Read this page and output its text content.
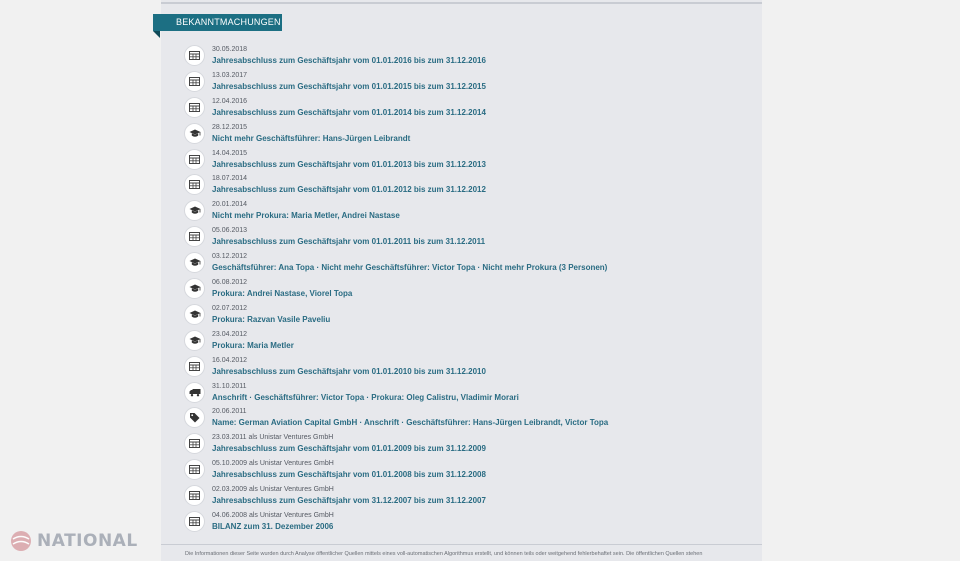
BEKANNTMACHUNGEN
30.05.2018
Jahresabschluss zum Geschäftsjahr vom 01.01.2016 bis zum 31.12.2016
13.03.2017
Jahresabschluss zum Geschäftsjahr vom 01.01.2015 bis zum 31.12.2015
12.04.2016
Jahresabschluss zum Geschäftsjahr vom 01.01.2014 bis zum 31.12.2014
28.12.2015
Nicht mehr Geschäftsführer: Hans-Jürgen Leibrandt
14.04.2015
Jahresabschluss zum Geschäftsjahr vom 01.01.2013 bis zum 31.12.2013
18.07.2014
Jahresabschluss zum Geschäftsjahr vom 01.01.2012 bis zum 31.12.2012
20.01.2014
Nicht mehr Prokura: Maria Metler, Andrei Nastase
05.06.2013
Jahresabschluss zum Geschäftsjahr vom 01.01.2011 bis zum 31.12.2011
03.12.2012
Geschäftsführer: Ana Topa · Nicht mehr Geschäftsführer: Victor Topa · Nicht mehr Prokura (3 Personen)
06.08.2012
Prokura: Andrei Nastase, Viorel Topa
02.07.2012
Prokura: Razvan Vasile Paveliu
23.04.2012
Prokura: Maria Metler
16.04.2012
Jahresabschluss zum Geschäftsjahr vom 01.01.2010 bis zum 31.12.2010
31.10.2011
Anschrift · Geschäftsführer: Victor Topa · Prokura: Oleg Calistru, Vladimir Morari
20.06.2011
Name: German Aviation Capital GmbH · Anschrift · Geschäftsführer: Hans-Jürgen Leibrandt, Victor Topa
23.03.2011 als Unistar Ventures GmbH
Jahresabschluss zum Geschäftsjahr vom 01.01.2009 bis zum 31.12.2009
05.10.2009 als Unistar Ventures GmbH
Jahresabschluss zum Geschäftsjahr vom 01.01.2008 bis zum 31.12.2008
02.03.2009 als Unistar Ventures GmbH
Jahresabschluss zum Geschäftsjahr vom 31.12.2007 bis zum 31.12.2007
04.06.2008 als Unistar Ventures GmbH
BILANZ zum 31. Dezember 2006
Die Informationen dieser Seite wurden durch Analyse öffentlicher Quellen mittels eines voll-automatischen Algorithmus erstellt, und können teils oder weitgehend fehlerbehaftet sein. Die öffentlichen Quellen stehen
NATIONAL
